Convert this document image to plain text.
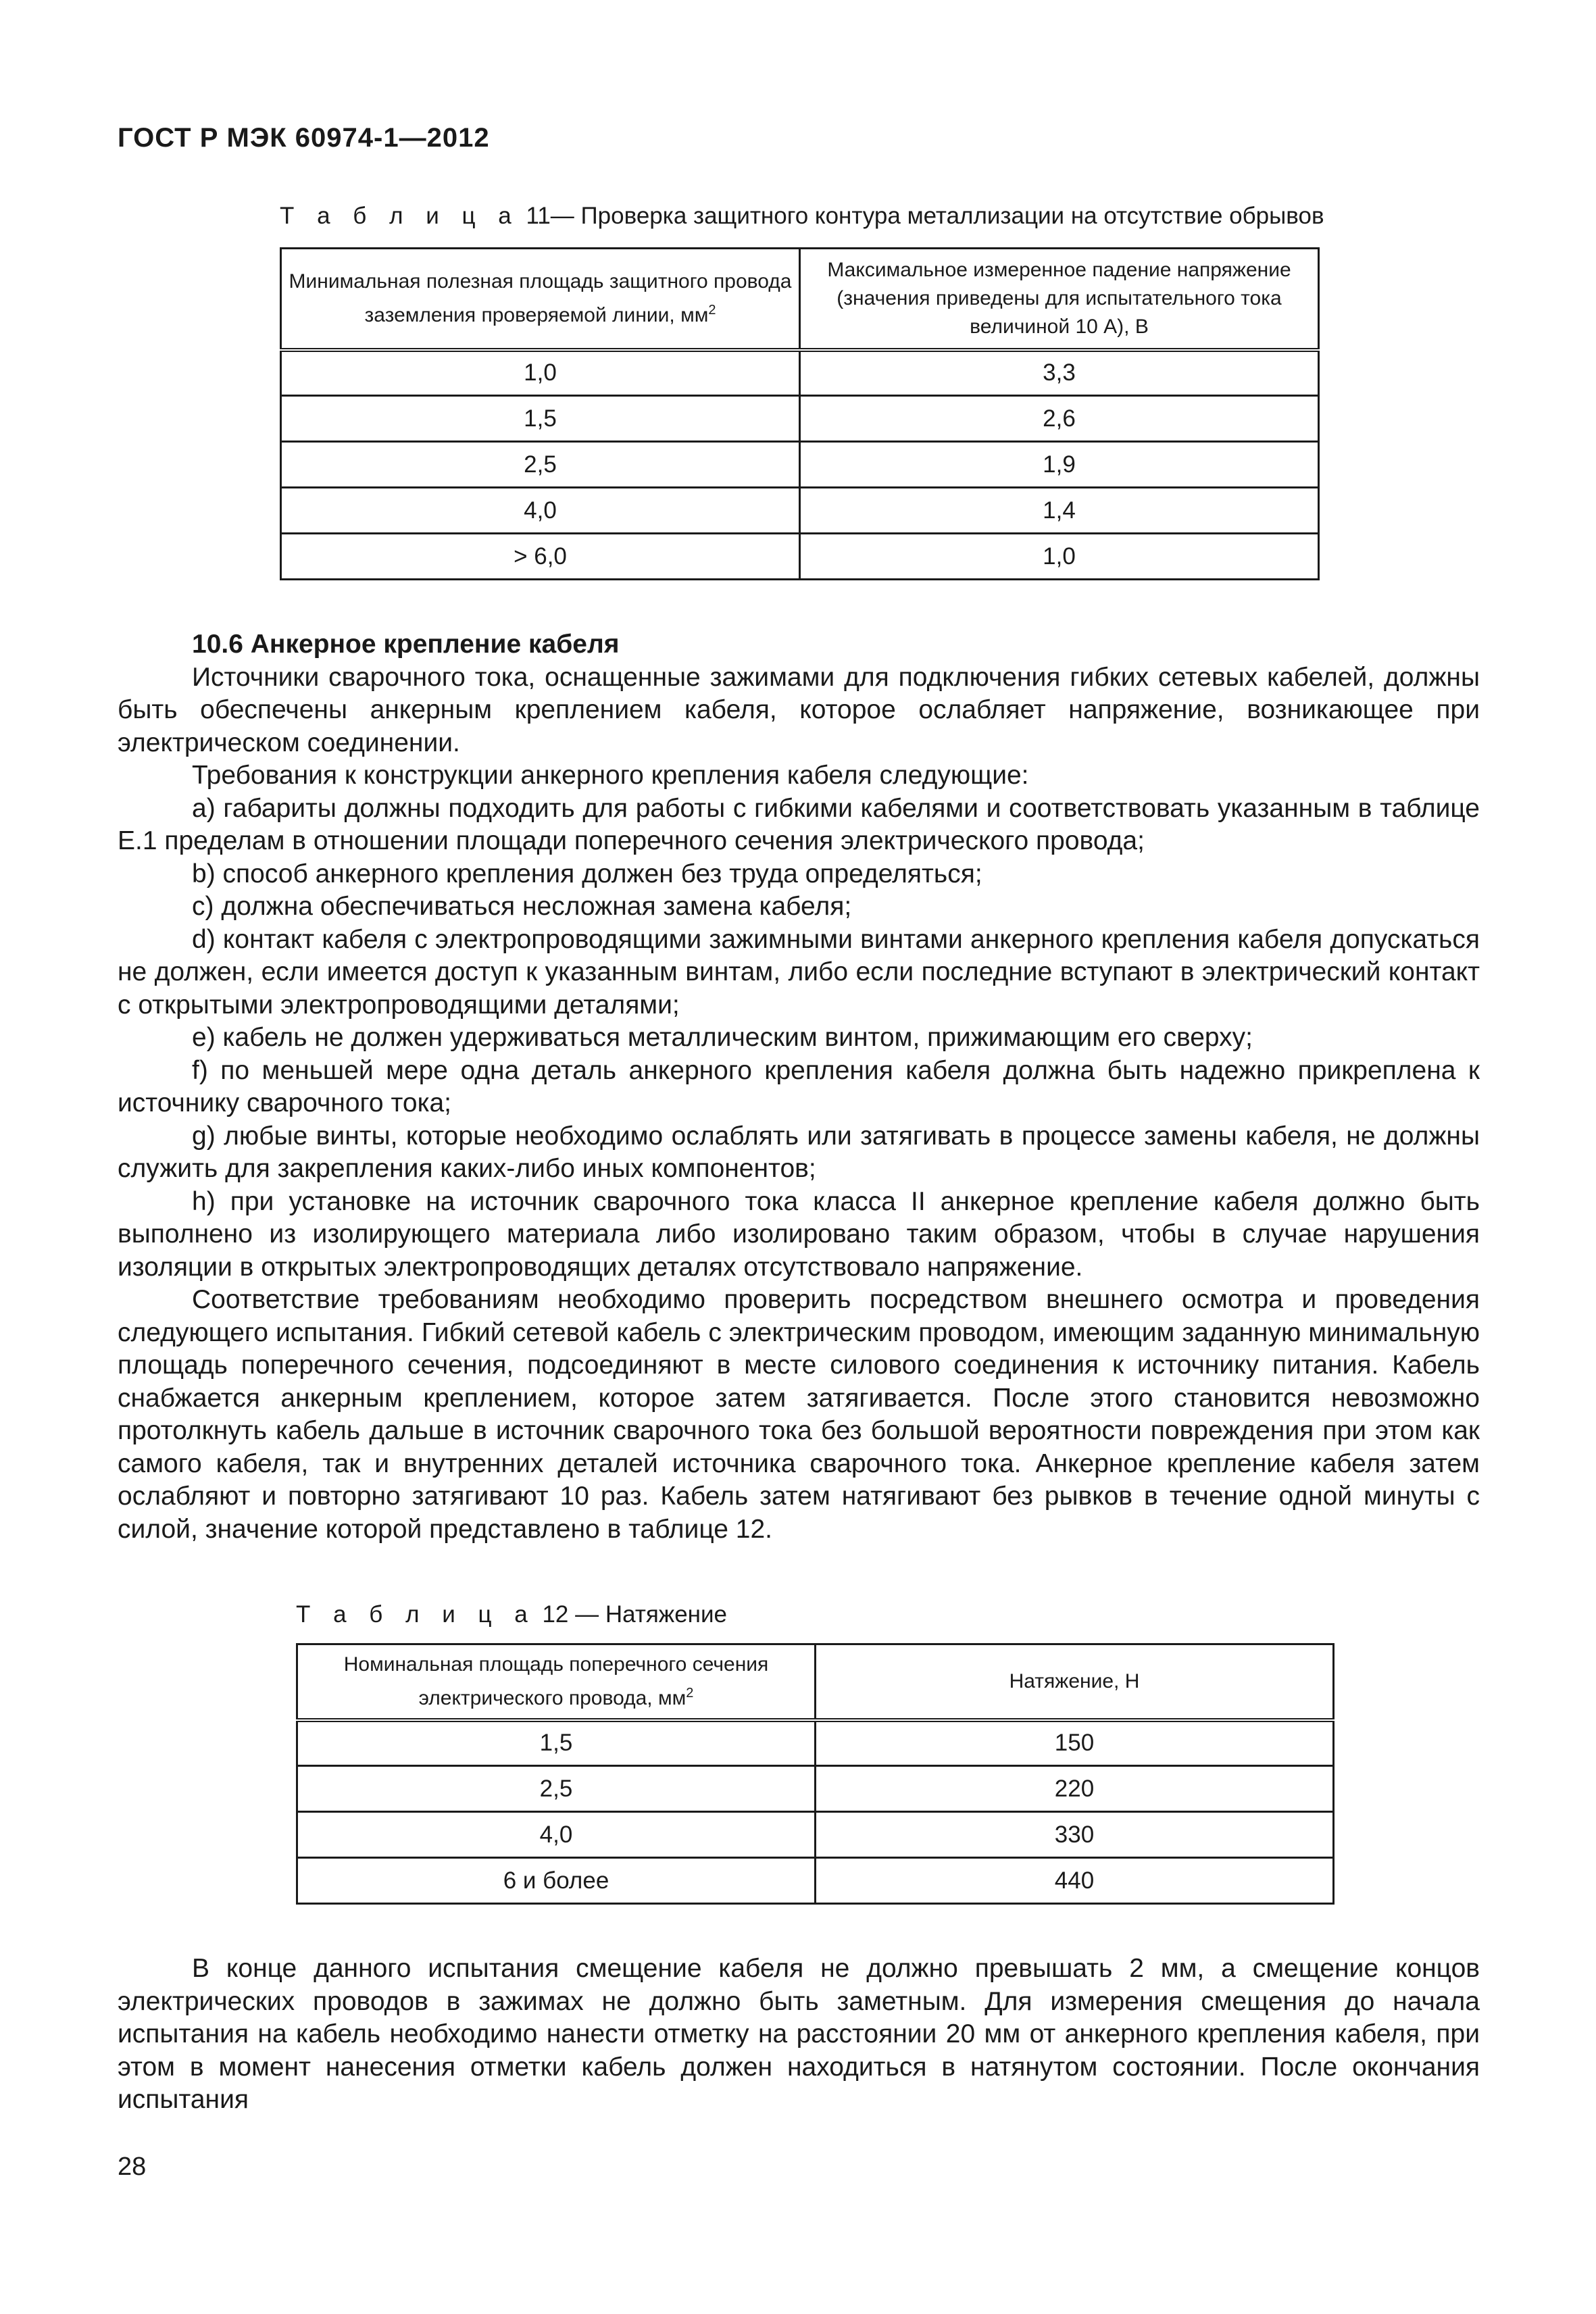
ГОСТ Р МЭК 60974-1—2012
Т а б л и ц а 11— Проверка защитного контура металлизации на отсутствие обрывов
Минимальная полезная площадь защитного провода заземления проверяемой линии, $мм^2$	Максимальное измеренное падение напряжение (значения приведены для испытательного тока величиной 10 А), В
1,0	3,3
1,5	2,6
2,5	1,9
4,0	1,4
> 6,0	1,0

10.6 Анкерное крепление кабеля

Источники сварочного тока, оснащенные зажимами для подключения гибких сетевых кабелей, должны быть обеспечены анкерным креплением кабеля, которое ослабляет напряжение, возникающее при электрическом соединении.

Требования к конструкции анкерного крепления кабеля следующие:

a) габариты должны подходить для работы с гибкими кабелями и соответствовать указанным в таблице Е.1 пределам в отношении площади поперечного сечения электрического провода;

b) способ анкерного крепления должен без труда определяться;

c) должна обеспечиваться несложная замена кабеля;

d) контакт кабеля с электропроводящими зажимными винтами анкерного крепления кабеля допускаться не должен, если имеется доступ к указанным винтам, либо если последние вступают в электрический контакт с открытыми электропроводящими деталями;

e) кабель не должен удерживаться металлическим винтом, прижимающим его сверху;

f) по меньшей мере одна деталь анкерного крепления кабеля должна быть надежно прикреплена к источнику сварочного тока;

g) любые винты, которые необходимо ослаблять или затягивать в процессе замены кабеля, не должны служить для закрепления каких-либо иных компонентов;

h) при установке на источник сварочного тока класса II анкерное крепление кабеля должно быть выполнено из изолирующего материала либо изолировано таким образом, чтобы в случае нарушения изоляции в открытых электропроводящих деталях отсутствовало напряжение.

Соответствие требованиям необходимо проверить посредством внешнего осмотра и проведения следующего испытания. Гибкий сетевой кабель с электрическим проводом, имеющим заданную минимальную площадь поперечного сечения, подсоединяют в месте силового соединения к источнику питания. Кабель снабжается анкерным креплением, которое затем затягивается. После этого становится невозможно протолкнуть кабель дальше в источник сварочного тока без большой вероятности повреждения при этом как самого кабеля, так и внутренних деталей источника сварочного тока. Анкерное крепление кабеля затем ослабляют и повторно затягивают 10 раз. Кабель затем натягивают без рывков в течение одной минуты с силой, значение которой представлено в таблице 12.

Т а б л и ц а 12 — Натяжение
Номинальная площадь поперечного сечения электрического провода, $мм^2$	Натяжение, Н
1,5	150
2,5	220
4,0	330
6 и более	440

В конце данного испытания смещение кабеля не должно превышать 2 мм, а смещение концов электрических проводов в зажимах не должно быть заметным. Для измерения смещения до начала испытания на кабель необходимо нанести отметку на расстоянии 20 мм от анкерного крепления кабеля, при этом в момент нанесения отметки кабель должен находиться в натянутом состоянии. После окончания испытания

28
